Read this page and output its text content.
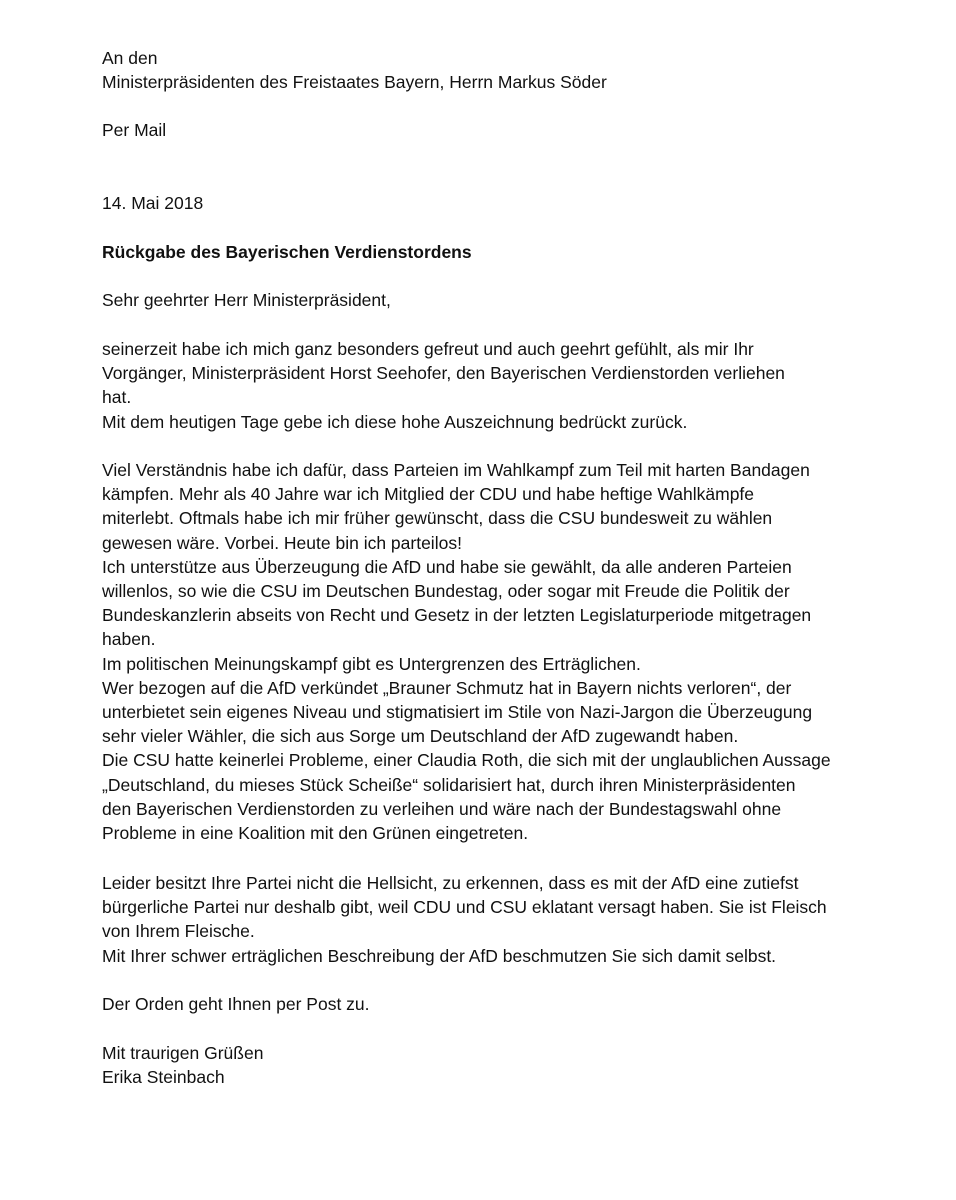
An den

Ministerpräsidenten des Freistaates Bayern, Herrn Markus Söder

Per Mail

14. Mai 2018

Rückgabe des Bayerischen Verdienstordens

Sehr geehrter Herr Ministerpräsident,

seinerzeit habe ich mich ganz besonders gefreut und auch geehrt gefühlt, als mir Ihr

Vorgänger, Ministerpräsident Horst Seehofer, den Bayerischen Verdienstorden verliehen

hat.

Mit dem heutigen Tage gebe ich diese hohe Auszeichnung bedrückt zurück.

Viel Verständnis habe ich dafür, dass Parteien im Wahlkampf zum Teil mit harten Bandagen

kämpfen. Mehr als 40 Jahre war ich Mitglied der CDU und habe heftige Wahlkämpfe

miterlebt. Oftmals habe ich mir früher gewünscht, dass die CSU bundesweit zu wählen

gewesen wäre. Vorbei. Heute bin ich parteilos!

Ich unterstütze aus Überzeugung die AfD und habe sie gewählt, da alle anderen Parteien

willenlos, so wie die CSU im Deutschen Bundestag, oder sogar mit Freude die Politik der

Bundeskanzlerin abseits von Recht und Gesetz in der letzten Legislaturperiode mitgetragen

haben.

Im politischen Meinungskampf gibt es Untergrenzen des Erträglichen.

Wer bezogen auf die AfD verkündet „Brauner Schmutz hat in Bayern nichts verloren“, der

unterbietet sein eigenes Niveau und stigmatisiert im Stile von Nazi-Jargon die Überzeugung

sehr vieler Wähler, die sich aus Sorge um Deutschland der AfD zugewandt haben.

Die CSU hatte keinerlei Probleme, einer Claudia Roth, die sich mit der unglaublichen Aussage

„Deutschland, du mieses Stück Scheiße“ solidarisiert hat, durch ihren Ministerpräsidenten

den Bayerischen Verdienstorden zu verleihen und wäre nach der Bundestagswahl ohne

Probleme in eine Koalition mit den Grünen eingetreten.

Leider besitzt Ihre Partei nicht die Hellsicht, zu erkennen, dass es mit der AfD eine zutiefst

bürgerliche Partei nur deshalb gibt, weil CDU und CSU eklatant versagt haben. Sie ist Fleisch

von Ihrem Fleische.

Mit Ihrer schwer erträglichen Beschreibung der AfD beschmutzen Sie sich damit selbst.

Der Orden geht Ihnen per Post zu.

Mit traurigen Grüßen

Erika Steinbach
